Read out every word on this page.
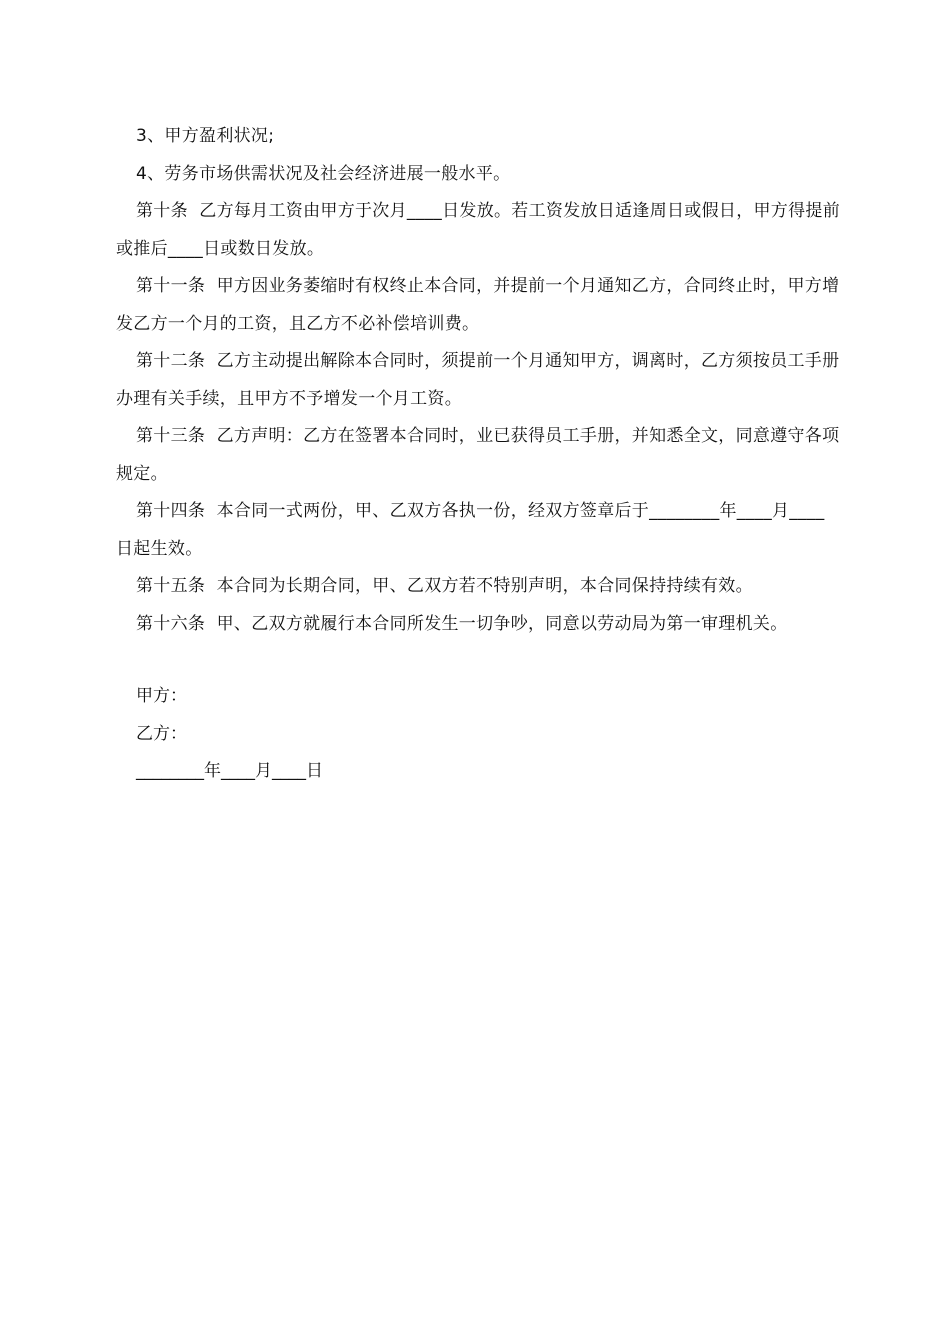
3、甲方盈利状况;

4、劳务市场供需状况及社会经济进展一般水平。

第十条  乙方每月工资由甲方于次月____日发放。若工资发放日适逢周日或假日，甲方得提前或推后____日或数日发放。

第十一条  甲方因业务萎缩时有权终止本合同，并提前一个月通知乙方，合同终止时，甲方增发乙方一个月的工资，且乙方不必补偿培训费。

第十二条  乙方主动提出解除本合同时，须提前一个月通知甲方，调离时，乙方须按员工手册办理有关手续，且甲方不予增发一个月工资。

第十三条  乙方声明：乙方在签署本合同时，业已获得员工手册，并知悉全文，同意遵守各项规定。

第十四条  本合同一式两份，甲、乙双方各执一份，经双方签章后于________年____月____日起生效。

第十五条  本合同为长期合同，甲、乙双方若不特别声明，本合同保持持续有效。

第十六条  甲、乙双方就履行本合同所发生一切争吵，同意以劳动局为第一审理机关。

甲方：

乙方：

________年____月____日
